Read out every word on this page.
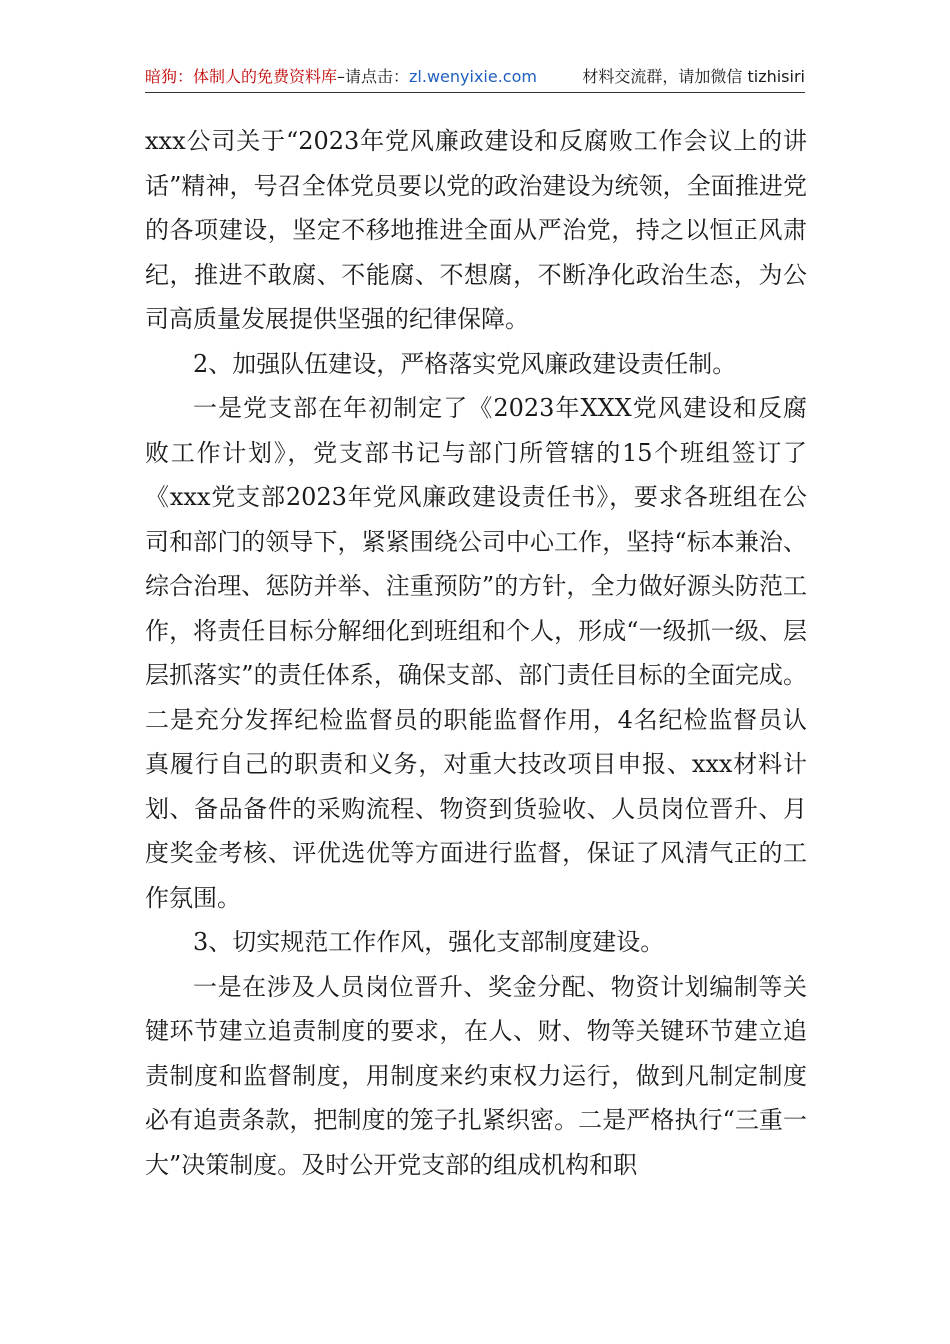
暗狗：体制人的免费资料库–请点击：zl.wenyixie.com	材料交流群，请加微信 tizhisiri

xxx公司关于“2023年党风廉政建设和反腐败工作会议上的讲话”精神，号召全体党员要以党的政治建设为统领，全面推进党的各项建设，坚定不移地推进全面从严治党，持之以恒正风肃纪，推进不敢腐、不能腐、不想腐，不断净化政治生态，为公司高质量发展提供坚强的纪律保障。

2、加强队伍建设，严格落实党风廉政建设责任制。

一是党支部在年初制定了《2023年XXX党风建设和反腐败工作计划》，党支部书记与部门所管辖的15个班组签订了《xxx党支部2023年党风廉政建设责任书》，要求各班组在公司和部门的领导下，紧紧围绕公司中心工作，坚持“标本兼治、综合治理、惩防并举、注重预防”的方针，全力做好源头防范工作，将责任目标分解细化到班组和个人，形成“一级抓一级、层层抓落实”的责任体系，确保支部、部门责任目标的全面完成。二是充分发挥纪检监督员的职能监督作用，4名纪检监督员认真履行自己的职责和义务，对重大技改项目申报、xxx材料计划、备品备件的采购流程、物资到货验收、人员岗位晋升、月度奖金考核、评优选优等方面进行监督，保证了风清气正的工作氛围。

3、切实规范工作作风，强化支部制度建设。

一是在涉及人员岗位晋升、奖金分配、物资计划编制等关键环节建立追责制度的要求，在人、财、物等关键环节建立追责制度和监督制度，用制度来约束权力运行，做到凡制定制度必有追责条款，把制度的笼子扎紧织密。二是严格执行“三重一大”决策制度。及时公开党支部的组成机构和职
